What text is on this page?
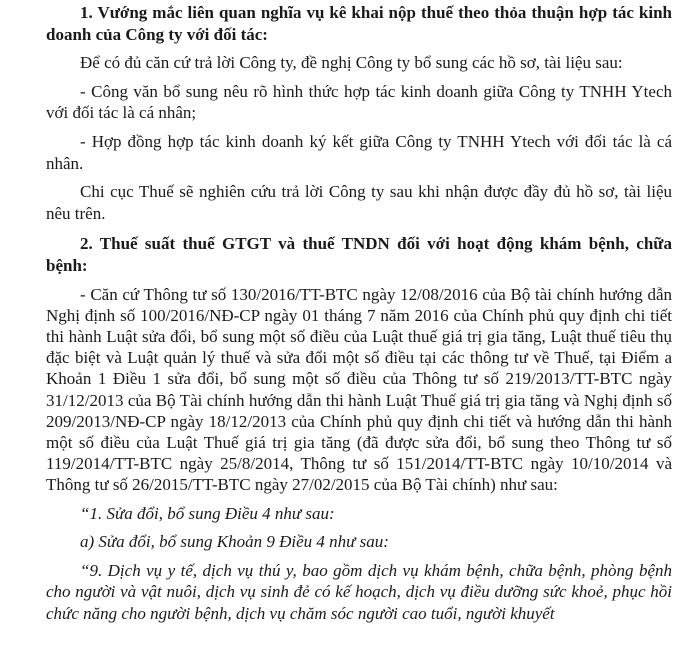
1. Vướng mắc liên quan nghĩa vụ kê khai nộp thuế theo thỏa thuận hợp tác kinh doanh của Công ty với đối tác:

Để có đủ căn cứ trả lời Công ty, đề nghị Công ty bổ sung các hồ sơ, tài liệu sau:

- Công văn bổ sung nêu rõ hình thức hợp tác kinh doanh giữa Công ty TNHH Ytech với đối tác là cá nhân;

- Hợp đồng hợp tác kinh doanh ký kết giữa Công ty TNHH Ytech với đối tác là cá nhân.

Chi cục Thuế sẽ nghiên cứu trả lời Công ty sau khi nhận được đầy đủ hồ sơ, tài liệu nêu trên.

2. Thuế suất thuế GTGT và thuế TNDN đối với hoạt động khám bệnh, chữa bệnh:

- Căn cứ Thông tư số 130/2016/TT-BTC ngày 12/08/2016 của Bộ tài chính hướng dẫn Nghị định số 100/2016/NĐ-CP ngày 01 tháng 7 năm 2016 của Chính phủ quy định chi tiết thi hành Luật sửa đổi, bổ sung một số điều của Luật thuế giá trị gia tăng, Luật thuế tiêu thụ đặc biệt và Luật quản lý thuế và sửa đổi một số điều tại các thông tư về Thuế, tại Điểm a Khoản 1 Điều 1 sửa đổi, bổ sung một số điều của Thông tư số 219/2013/TT-BTC ngày 31/12/2013 của Bộ Tài chính hướng dẫn thi hành Luật Thuế giá trị gia tăng và Nghị định số 209/2013/NĐ-CP ngày 18/12/2013 của Chính phủ quy định chi tiết và hướng dẫn thi hành một số điều của Luật Thuế giá trị gia tăng (đã được sửa đổi, bổ sung theo Thông tư số 119/2014/TT-BTC ngày 25/8/2014, Thông tư số 151/2014/TT-BTC ngày 10/10/2014 và Thông tư số 26/2015/TT-BTC ngày 27/02/2015 của Bộ Tài chính) như sau:

“1. Sửa đổi, bổ sung Điều 4 như sau:

a) Sửa đổi, bổ sung Khoản 9 Điều 4 như sau:

“9. Dịch vụ y tế, dịch vụ thú y, bao gồm dịch vụ khám bệnh, chữa bệnh, phòng bệnh cho người và vật nuôi, dịch vụ sinh đẻ có kế hoạch, dịch vụ điều dưỡng sức khoẻ, phục hồi chức năng cho người bệnh, dịch vụ chăm sóc người cao tuổi, người khuyết
